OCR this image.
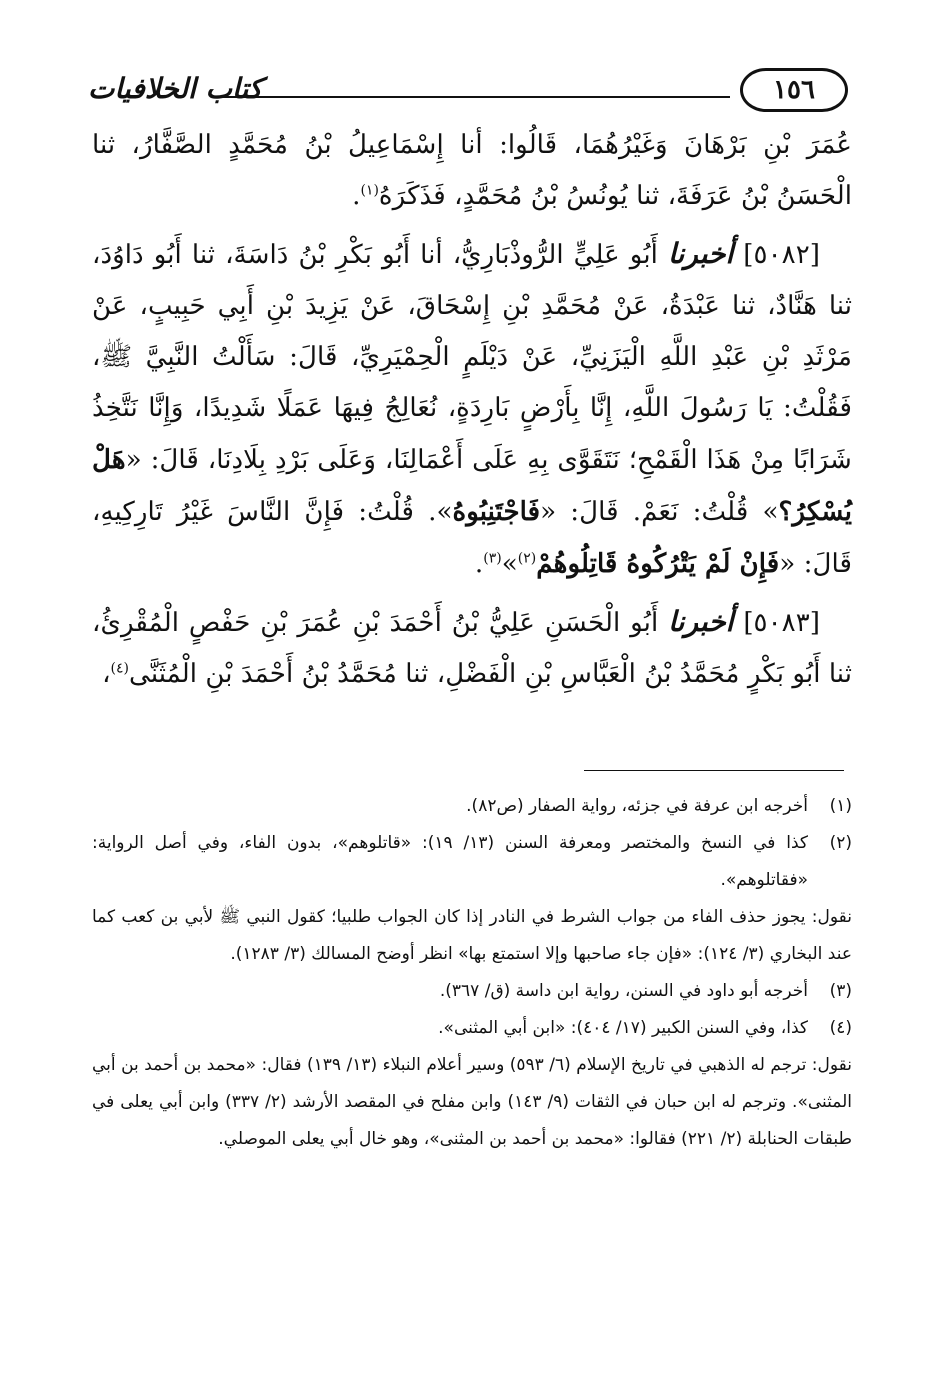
١٥٦
كتاب الخلافيات

عُمَرَ بْنِ بَرْهَانَ وَغَيْرُهُمَا، قَالُوا: أنا إِسْمَاعِيلُ بْنُ مُحَمَّدٍ الصَّفَّارُ، ثنا الْحَسَنُ بْنُ عَرَفَةَ، ثنا يُونُسُ بْنُ مُحَمَّدٍ، فَذَكَرَهُ$^{(١)}$.

[٥٠٨٢] أخبرنا أَبُو عَلِيٍّ الرُّوذْبَارِيُّ، أنا أَبُو بَكْرِ بْنُ دَاسَةَ، ثنا أَبُو دَاوُدَ، ثنا هَنَّادٌ، ثنا عَبْدَةُ، عَنْ مُحَمَّدِ بْنِ إِسْحَاقَ، عَنْ يَزِيدَ بْنِ أَبِي حَبِيبٍ، عَنْ مَرْثَدِ بْنِ عَبْدِ اللَّهِ الْيَزَنِيِّ، عَنْ دَيْلَمٍ الْحِمْيَرِيِّ، قَالَ: سَأَلْتُ النَّبِيَّ ﷺ، فَقُلْتُ: يَا رَسُولَ اللَّهِ، إِنَّا بِأَرْضٍ بَارِدَةٍ، نُعَالِجُ فِيهَا عَمَلًا شَدِيدًا، وَإِنَّا نَتَّخِذُ شَرَابًا مِنْ هَذَا الْقَمْحِ؛ نَتَقَوَّى بِهِ عَلَى أَعْمَالِنَا، وَعَلَى بَرْدِ بِلَادِنَا، قَالَ: «هَلْ يُسْكِرُ؟» قُلْتُ: نَعَمْ. قَالَ: «فَاجْتَنِبُوهُ». قُلْتُ: فَإِنَّ النَّاسَ غَيْرُ تَارِكِيهِ، قَالَ: «فَإِنْ لَمْ يَتْرُكُوهُ قَاتِلُوهُمْ$^{(٢)}$»$^{(٣)}$.

[٥٠٨٣] أخبرنا أَبُو الْحَسَنِ عَلِيُّ بْنُ أَحْمَدَ بْنِ عُمَرَ بْنِ حَفْصٍ الْمُقْرِئُ، ثنا أَبُو بَكْرٍ مُحَمَّدُ بْنُ الْعَبَّاسِ بْنِ الْفَضْلِ، ثنا مُحَمَّدُ بْنُ أَحْمَدَ بْنِ الْمُثَنَّى$^{(٤)}$،

(١)
أخرجه ابن عرفة في جزئه، رواية الصفار (ص٨٢).
(٢)
كذا في النسخ والمختصر ومعرفة السنن (١٣/ ١٩): «قاتلوهم»، بدون الفاء، وفي أصل الرواية: «فقاتلوهم».

نقول: يجوز حذف الفاء من جواب الشرط في النادر إذا كان الجواب طلبيا؛ كقول النبي ﷺ لأبي بن كعب كما عند البخاري (٣/ ١٢٤): «فإن جاء صاحبها وإلا استمتع بها» انظر أوضح المسالك (٣/ ١٢٨٣).

(٣)
أخرجه أبو داود في السنن، رواية ابن داسة (ق/ ٣٦٧).
(٤)
كذا، وفي السنن الكبير (١٧/ ٤٠٤): «ابن أبي المثنى».

نقول: ترجم له الذهبي في تاريخ الإسلام (٦/ ٥٩٣) وسير أعلام النبلاء (١٣/ ١٣٩) فقال: «محمد بن أحمد بن أبي المثنى». وترجم له ابن حبان في الثقات (٩/ ١٤٣) وابن مفلح في المقصد الأرشد (٢/ ٣٣٧) وابن أبي يعلى في طبقات الحنابلة (٢/ ٢٢١) فقالوا: «محمد بن أحمد بن المثنى»، وهو خال أبي يعلى الموصلي.
